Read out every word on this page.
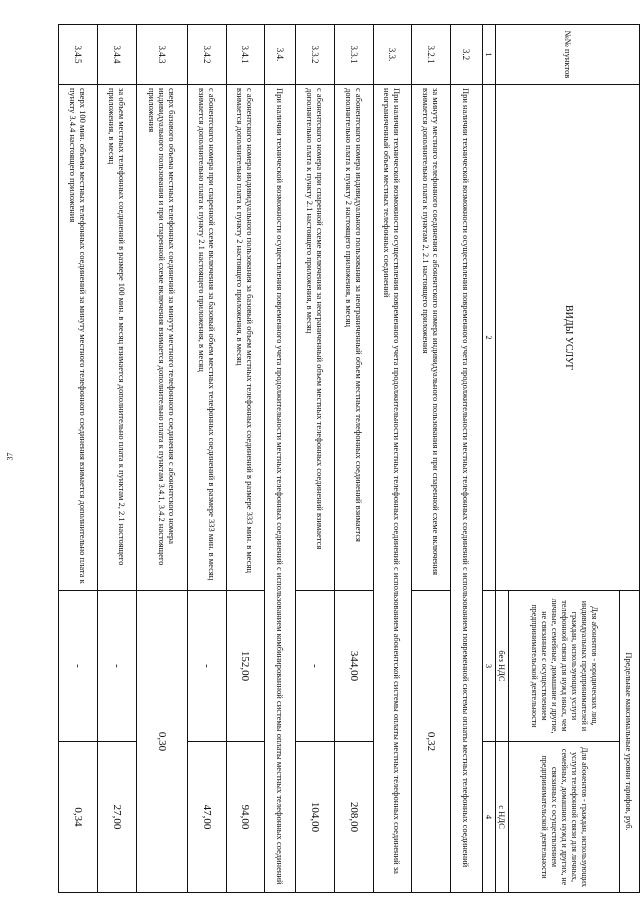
37
№№ пунктов	ВИДЫ УСЛУГ	Предельные максимальные уровни тарифов, руб.	
		Для абонентов - юридических лиц, индивидуальных предпринимателей и граждан, использующих услуги телефонной связи для нужд иных, чем личные, семейные, домашние и другие, не связанные с осуществлением предпринимательской деятельности	Для абонентов - граждан, использующих услуги телефонной связи для личных, семейных, домашних нужд и других, не связанных с осуществлением предпринимательской деятельности
		без НДС	с НДС
1	2	3	4
3.2	При наличии технической возможности осуществления повременного учета продолжительности местных телефонных соединений с использованием повременной системы оплаты местных телефонных соединений		
3.2.1	за минуту местного телефонного соединения с абонентского номера индивидуального пользования и при спаренной схеме включения взимается дополнительно плата к пунктам 2, 2.1 настоящего приложения	0,32	
3.3.	При наличии технической возможности осуществления повременного учета продолжительности местных телефонных соединений с использованием абонентской системы оплаты местных телефонных соединений за неограниченный объем местных телефонных соединений		
3.3.1	с абонентского номера индивидуального пользования за неограниченный объем местных телефонных соединений взимается дополнительно плата к пункту 2 настоящего приложения, в месяц	344,00	208,00
3.3.2	с абонентского номера при спаренной схеме включения за неограниченный объем местных телефонных соединений взимается дополнительно плата к пункту 2.1 настоящего приложения, в месяц	-	104,00
3.4.	При наличии технической возможности осуществления повременного учета продолжительности местных телефонных соединений с использованием комбинированной системы оплаты местных телефонных соединений		
3.4.1	с абонентского номера индивидуального пользования за базовый объем местных телефонных соединений в размере 333 мин. в месяц взимается дополнительно плата к пункту 2 настоящего приложения, в месяц	152,00	94,00
3.4.2	с абонентского номера при спаренной схеме включения за базовый объем местных телефонных соединений в размере 333 мин. в месяц взимается дополнительно плата к пункту 2.1 настоящего приложения, в месяц	-	47,00
3.4.3	сверх базового объема местных телефонных соединений за минуту местного телефонного соединения с абонентского номера индивидуального пользования и при спаренной схеме включения взимается дополнительно плата к пунктам 3.4.1, 3.4.2 настоящего приложения	0,30	
3.4.4	за объем местных телефонных соединений в размере 100 мин. в месяц взимается дополнительно плата к пунктам 2, 2.1 настоящего приложения, в месяц	-	27,00
3.4.5	сверх 100 мин. объема местных телефонных соединений за минуту местного телефонного соединения взимается дополнительно плата к пункту 3.4.4 настоящего приложения	-	0,34
